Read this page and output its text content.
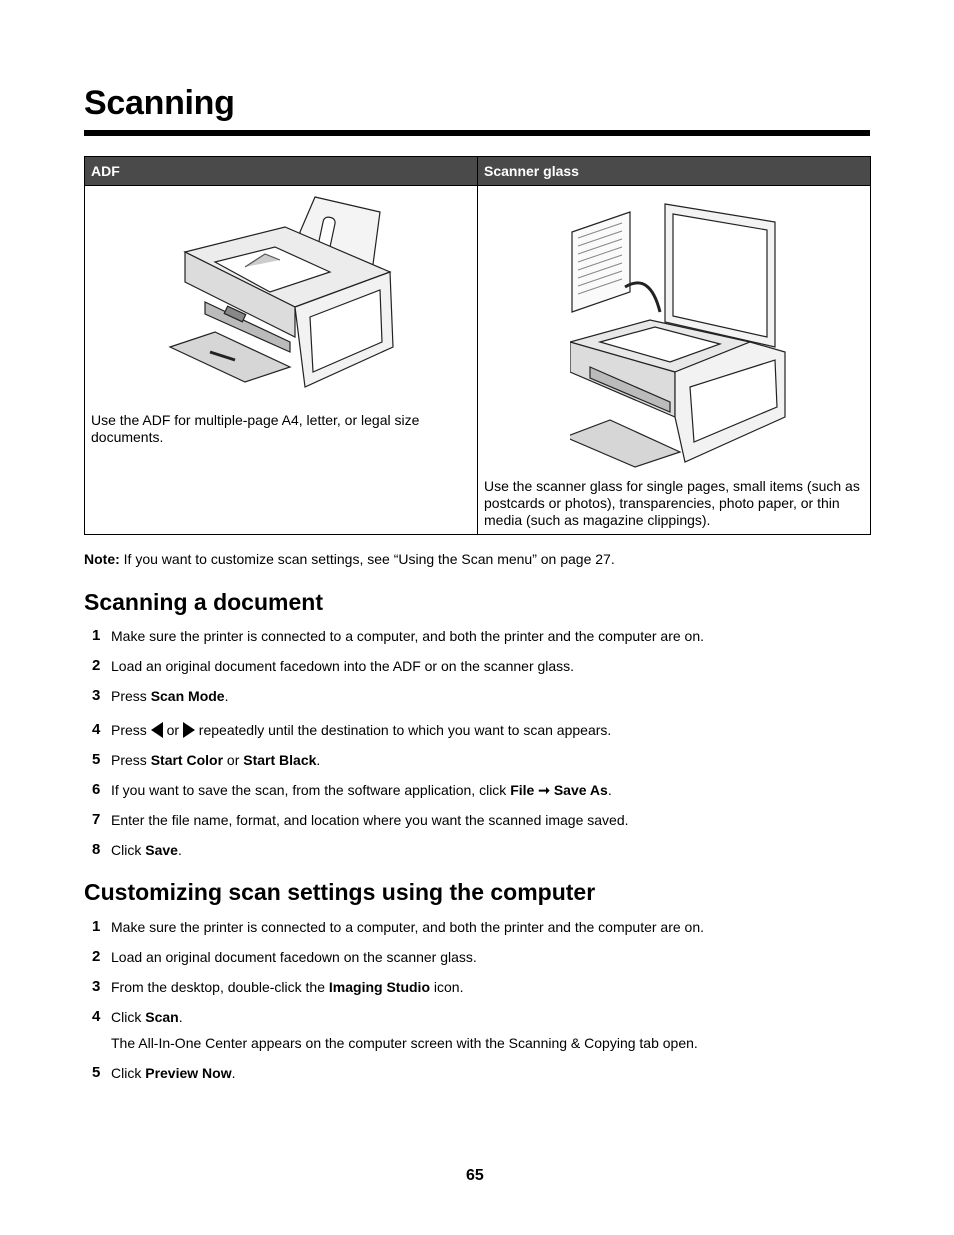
Scanning
ADF	Scanner glass

Use the ADF for multiple-page A4, letter, or legal size documents.	Use the scanner glass for single pages, small items (such as postcards or photos), transparencies, photo paper, or thin media (such as magazine clippings).
Note: If you want to customize scan settings, see “Using the Scan menu” on page 27.
Scanning a document
1 Make sure the printer is connected to a computer, and both the printer and the computer are on.
2 Load an original document facedown into the ADF or on the scanner glass.
3 Press Scan Mode.
4 Press  or  repeatedly until the destination to which you want to scan appears.
5 Press Start Color or Start Black.
6 If you want to save the scan, from the software application, click File ➞ Save As.
7 Enter the file name, format, and location where you want the scanned image saved.
8 Click Save.
Customizing scan settings using the computer
1 Make sure the printer is connected to a computer, and both the printer and the computer are on.
2 Load an original document facedown on the scanner glass.
3 From the desktop, double-click the Imaging Studio icon.
4 Click Scan.
The All-In-One Center appears on the computer screen with the Scanning & Copying tab open.
5 Click Preview Now.
65
